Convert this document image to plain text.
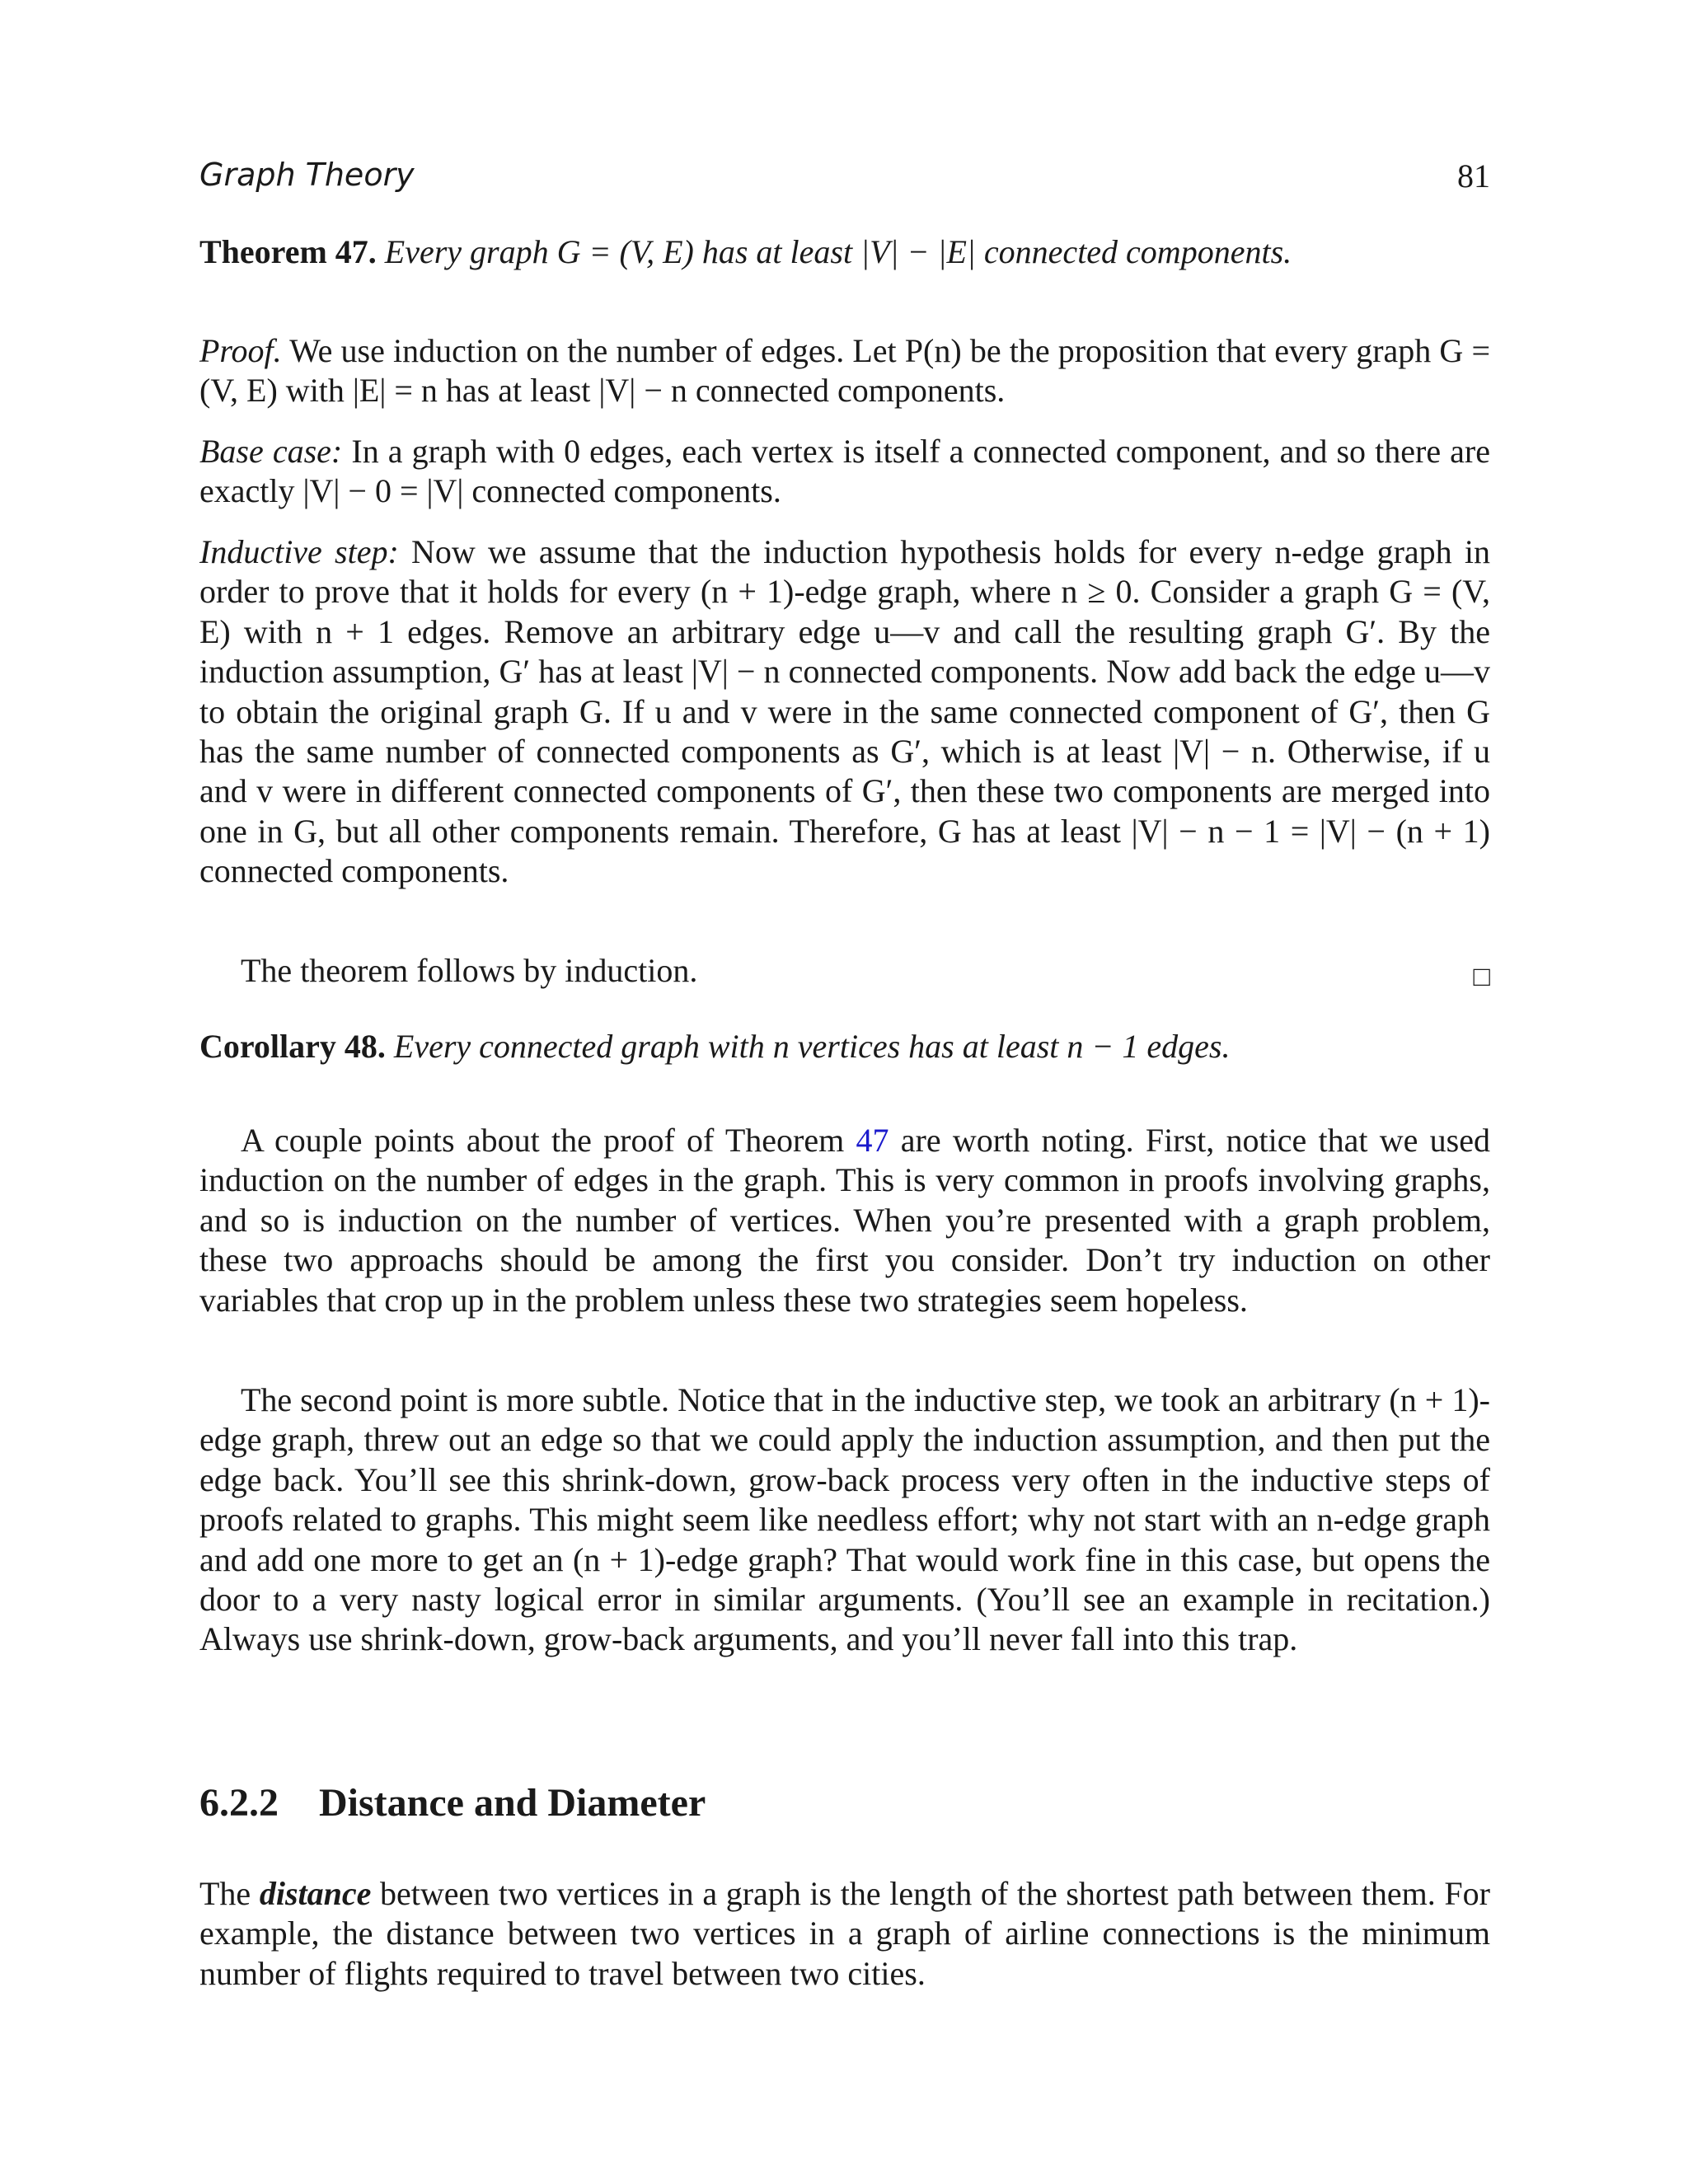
Graph Theory	81
Theorem 47. Every graph G = (V, E) has at least |V| − |E| connected components.
Proof. We use induction on the number of edges. Let P(n) be the proposition that every graph G = (V, E) with |E| = n has at least |V| − n connected components.
Base case: In a graph with 0 edges, each vertex is itself a connected component, and so there are exactly |V| − 0 = |V| connected components.
Inductive step: Now we assume that the induction hypothesis holds for every n-edge graph in order to prove that it holds for every (n + 1)-edge graph, where n ≥ 0. Consider a graph G = (V, E) with n + 1 edges. Remove an arbitrary edge u—v and call the resulting graph G′. By the induction assumption, G′ has at least |V| − n connected components. Now add back the edge u—v to obtain the original graph G. If u and v were in the same connected component of G′, then G has the same number of connected components as G′, which is at least |V| − n. Otherwise, if u and v were in different connected components of G′, then these two components are merged into one in G, but all other components remain. Therefore, G has at least |V| − n − 1 = |V| − (n + 1) connected components.
The theorem follows by induction.	□
Corollary 48. Every connected graph with n vertices has at least n − 1 edges.
A couple points about the proof of Theorem 47 are worth noting. First, notice that we used induction on the number of edges in the graph. This is very common in proofs involving graphs, and so is induction on the number of vertices. When you’re presented with a graph problem, these two approachs should be among the first you consider. Don’t try induction on other variables that crop up in the problem unless these two strategies seem hopeless.
The second point is more subtle. Notice that in the inductive step, we took an arbitrary (n + 1)-edge graph, threw out an edge so that we could apply the induction assumption, and then put the edge back. You’ll see this shrink-down, grow-back process very often in the inductive steps of proofs related to graphs. This might seem like needless effort; why not start with an n-edge graph and add one more to get an (n + 1)-edge graph? That would work fine in this case, but opens the door to a very nasty logical error in similar arguments. (You’ll see an example in recitation.) Always use shrink-down, grow-back arguments, and you’ll never fall into this trap.
6.2.2 Distance and Diameter
The distance between two vertices in a graph is the length of the shortest path between them. For example, the distance between two vertices in a graph of airline connections is the minimum number of flights required to travel between two cities.
